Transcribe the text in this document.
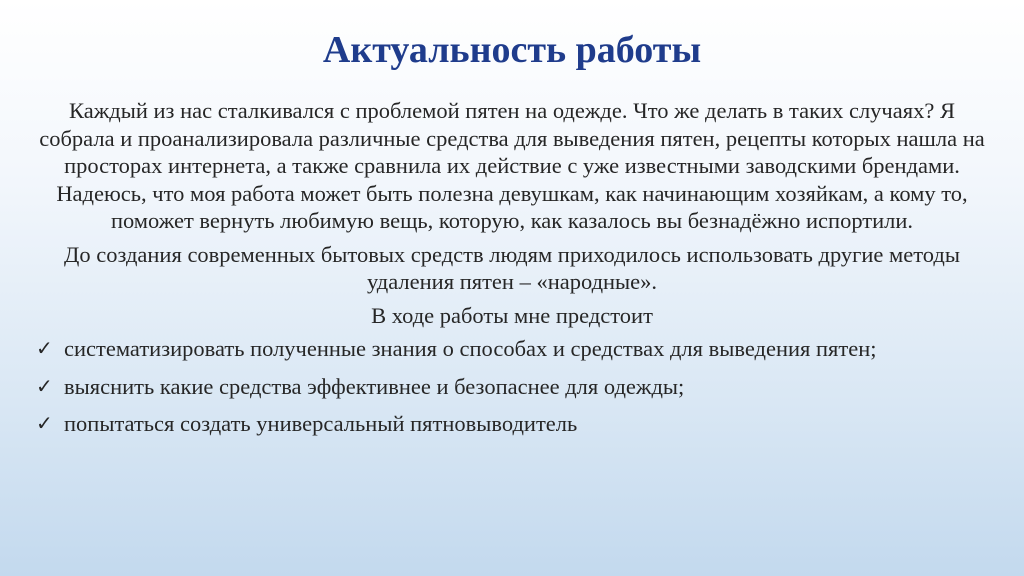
Актуальность работы

Каждый из нас сталкивался с проблемой пятен на одежде. Что же делать в таких случаях? Я собрала и проанализировала различные средства для выведения пятен, рецепты которых нашла на просторах интернета, а также сравнила их действие с уже известными заводскими брендами. Надеюсь, что моя работа может быть полезна девушкам, как начинающим хозяйкам, а кому то, поможет вернуть любимую вещь, которую, как казалось вы безнадёжно испортили.

До создания современных бытовых средств людям приходилось использовать другие методы удаления пятен – «народные».

В ходе работы мне предстоит

✓ систематизировать полученные знания о способах и средствах для выведения пятен;
✓ выяснить какие средства эффективнее и безопаснее для одежды;
✓ попытаться создать универсальный пятновыводитель
